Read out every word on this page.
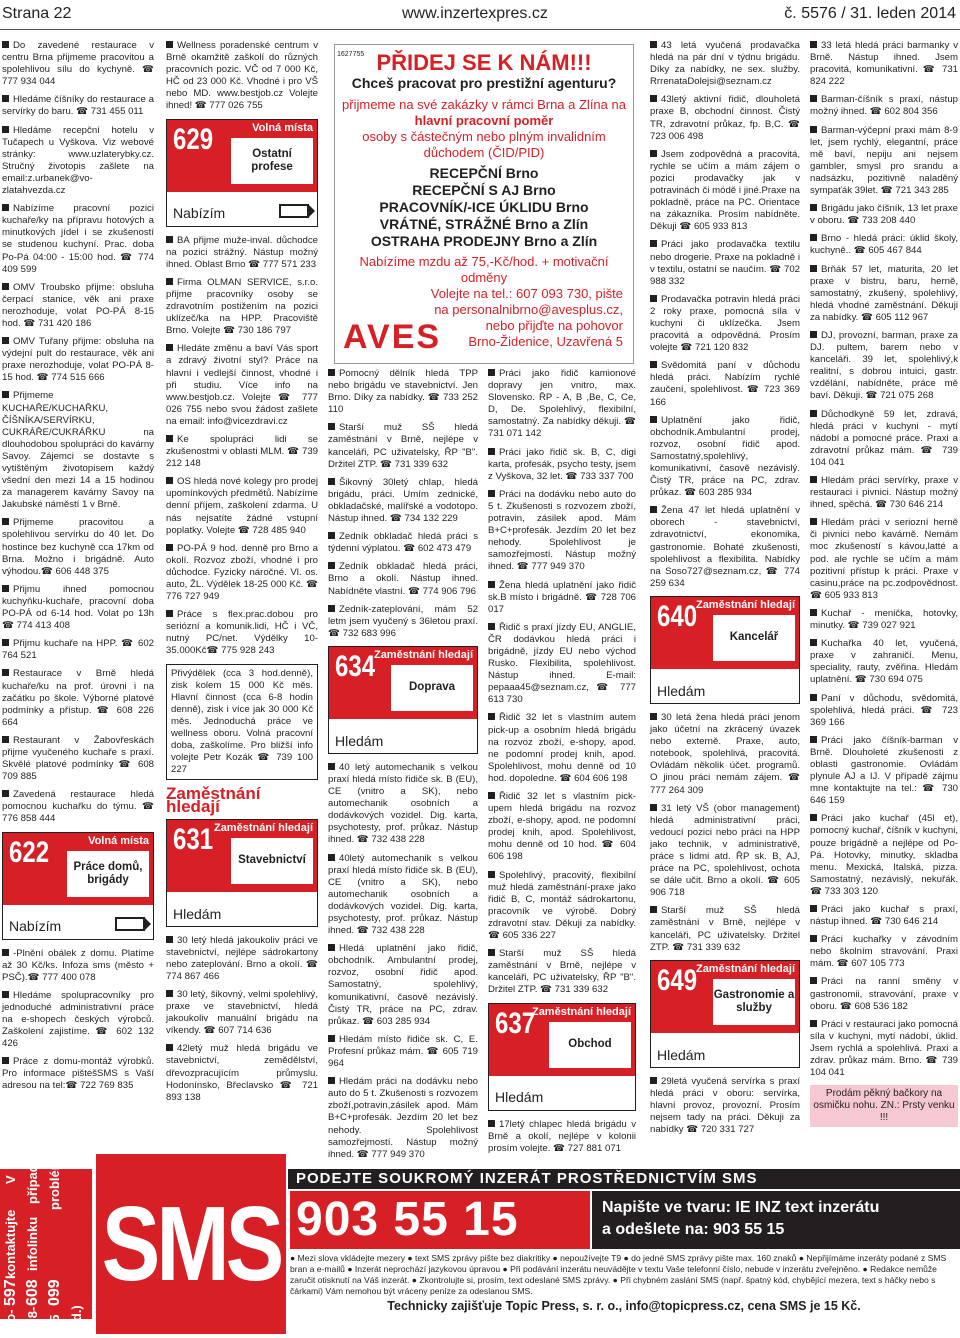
Strana 22	www.inzertexpres.cz	č. 5576 / 31. leden 2014
Do zavedené restaurace v centru Brna přijmeme pracovitou a spolehlivou sílu do kychyně. ☎ 777 934 044
Hledáme číšníky do restaurace a servírky do baru. ☎ 731 455 011
Hledáme recepční hotelu v Tučapech u Vyškova. Viz webové stránky: www.uzlaterybky.cz. Stručný životopis zašlete na email:z.urbanek@vo-zlatahvezda.cz
Nabízíme pracovní pozici kuchaře/ky na přípravu hotových a minutkových jídel i se zkušeností se studenou kuchyní. Prac. doba Po-Pá 04:00 - 15:00 hod. ☎ 774 409 599
OMV Troubsko přijme: obsluha čerpací stanice, věk ani praxe nerozhoduje, volat PO-PÁ 8-15 hod. ☎ 731 420 186
OMV Tuřany přijme: obsluha na výdejní pult do restaurace, věk ani praxe nerozhoduje, volat PO-PÁ 8-15 hod. ☎ 774 515 666
Přijmeme KUCHAŘE/KUCHAŘKU, ČÍŠNÍKA/SERVÍRKU, CUKRÁŘE/CUKRÁŘKU na dlouhodobou spolupráci do kavárny Savoy. Zájemci se dostavte s vytištěným životopisem každý všední den mezi 14 a 15 hodinou za managerem kavárny Savoy na Jakubské náměstí 1 v Brně.
Přijmeme pracovitou a spolehlivou servírku do 40 let. Do hostince bez kuchyně cca 17km od Brna. Možno i brigádně. Auto výhodou.☎ 606 448 375
Přijmu ihned pomocnou kuchyňku-kuchaře, pracovní doba PO-PÁ od 6-14 hod. Volat po 13h ☎ 774 413 408
Přijmu kuchaře na HPP. ☎ 602 764 521
Restaurace v Brně hledá kuchaře/ku na prof. úrovni i na začátku po škole. Výborné platové podmínky a přístup. ☎ 608 226 664
Restaurant v Žabovřeskách přijme vyučeného kuchaře s praxí. Skvělé platové podmínky ☎ 608 709 885
Zavedená restaurace hledá pomocnou kuchařku do týmu. ☎ 776 858 444
622	Volná místa
Práce domů, brigády
Nabízím
-Plnění obálek z domu. Platíme až 30 Kč/ks. Infoza sms (město + PSČ).☎ 777 400 078
Hledáme spolupracovníky pro jednoduché administrativní práce na e-shopech českých výrobců. Zaškolení zajistíme. ☎ 602 132 426
Práce z domu-montáž výrobků. Pro informace pištešSMS s Vaší adresou na tel:☎ 722 769 835
Wellness poradenské centrum v Brně okamžitě zaškolí do různých pracovních pozic. VČ od 7 000 Kč, HČ od 23 000 Kč. Vhodné i pro VŠ nebo MD. www.bestjob.cz Volejte ihned! ☎ 777 026 755
629	Volná místa
Ostatní profese
Nabízím
BA přijme muže-inval. důchodce na pozici strážný. Nástup možný ihned. Oblast Brno ☎ 777 571 233
Firma OLMAN SERVICE, s.r.o. přijme pracovníky osoby se zdravotním postižením na pozici uklízeč/ka na HPP. Pracoviště Brno. Volejte ☎ 730 186 797
Hledáte změnu a baví Vás sport a zdravý životní styl? Práce na hlavní i vedlejší činnost, vhodné i při studiu. Více info na www.bestjob.cz. Volejte ☎ 777 026 755 nebo svou žádost zašlete na email: info@vicezdravi.cz
Ke spolupráci lidi se zkušenostmi v oblasti MLM. ☎ 739 212 148
OS hledá nové kolegy pro prodej upomínkových předmětů. Nabízíme denní příjem, zaškolení zdarma. U nás nejsatíte žádné vstupní poplatky. Volejte ☎ 728 485 940
PO-PÁ 9 hod. denně pro Brno a okolí. Rozvoz zboží, vhodné i pro důchodce. Fyzicky náročné. Vl. os. auto, ŽL. Výdělek 18-25 000 Kč. ☎ 776 727 949
Práce s flex.prac.dobou pro seriózní a komunik.lidi, HČ i VČ, nutný PC/net. Výdělky 10-35.000Kč☎ 775 928 243
Přivýdělek (cca 3 hod.denně), zisk kolem 15 000 Kč měs. Hlavní činnost (cca 6-8 hodin denně), zisk i více jak 30 000 Kč měs. Jednoduchá práce ve wellness oboru. Volná pracovní doba, zaškolíme. Pro bližší info volejte Petr Kozák ☎ 739 100 227
Zaměstnání hledají
631 Zaměstnání hledají
Stavebnictví
Hledám
30 letý hledá jakoukoliv práci ve stavebnictví, nejlépe sádrokartony nebo zateplování. Brno a okolí. ☎ 774 867 466
30 letý, šikovný, velmi spolehlivý, praxe ve stavebnictví, hledá jakoukoliv manuální brigádu na víkendy. ☎ 607 714 636
42letý muž hledá brigádu ve stavebnictví, zemědělství, dřevozpracujícím průmyslu. Hodonínsko, Břeclavsko ☎ 721 893 138
1627755 PŘIDEJ SE K NÁM!!!
Chceš pracovat pro prestižní agenturu?
přijmeme na své zakázky v rámci Brna a Zlína na
hlavní pracovní poměr
osoby s částečným nebo plným invalidním důchodem (ČID/PID)
RECEPČNÍ Brno
RECEPČNÍ S AJ Brno
PRACOVNÍK/-ICE ÚKLIDU Brno
VRÁTNÉ, STRÁŽNÉ Brno a Zlín
OSTRAHA PRODEJNY Brno a Zlín
Nabízíme mzdu až 75,-Kč/hod. + motivační odměny
Volejte na tel.: 607 093 730, pište
na personalnibrno@avesplus.cz,
nebo přijďte na pohovor
Brno-Židenice, Uzavřená 5
AVES
Pomocný dělník hledá TPP nebo brigádu ve stavebnictví. Jen Brno. Díky za nabídky. ☎ 733 252 110
Starší muž SŠ hledá zaměstnání v Brně, nejlépe v kanceláři, PC uživatelsky, ŘP "B". Držitel ZTP. ☎ 731 339 632
Šikovný 30letý chlap, hledá brigádu, práci. Umím zednické, obkladačské, malířské a vodotopo. Nástup ihned. ☎ 734 132 229
Zedník obkladač hledá práci s týdenní výplatou. ☎ 602 473 479
Zedník obkladač hledá práci, Brno a okolí. Nástup ihned. Nabídněte vlastní. ☎ 774 906 796
Zedník-zateplování, mám 52 letm jsem vyučený s 36letou praxí. ☎ 732 683 996
634
Zaměstnání hledají
Doprava
Hledám
40 letý automechanik s velkou praxí hledá místo řidiče sk. B (EU), CE (vnitro a SK), nebo automechanik osobních a dodávkových vozidel. Dig. karta, psychotesty, prof. průkaz. Nástup ihned. ☎ 732 438 228
40letý automechanik s velkou praxí hledá místo řidiče sk. B (EU), CE (vnitro a SK), nebo automechanik osobních a dodávkových vozidel. Dig. karta, psychotesty, prof. průkaz. Nástup ihned. ☎ 732 438 228
Hledá uplatnění jako řidič, obchodník. Ambulantní prodej, rozvoz, osobní řidič apod. Samostatný, spolehlivý, komunikativní, časově nezávislý. Čistý TR, práce na PC, zdrav. průkaz. ☎ 603 285 934
Hledám místo řidiče sk. C, E. Profesní průkaz mám. ☎ 605 719 964
Hledám práci na dodávku nebo auto do 5 t. Zkušenosti s rozvozem zboží,potravin,zásilek apod. Mám B+C+profesák. Jezdím 20 let bez nehody. Spolehlivost samozřejmostí. Nástup možný ihned. ☎ 777 949 370
Práci jako řidič kamionové dopravy jen vnitro, max. Slovensko. ŘP - A, B ,Be, C, Ce, D, De. Spolehlivý, flexibilní, samostatný. Za nabídky děkuji. ☎ 731 071 142
Práci jako řidič sk. B, C, digi karta, profesák, psycho testy, jsem z Vyškova, 32 let. ☎ 733 337 700
Práci na dodávku nebo auto do 5 t. Zkušenosti s rozvozem zboží, potravin, zásilek apod. Mám B+C+profesák. Jezdím 20 let bez nehody. Spolehlivost je samozřejmostí. Nástup možný ihned. ☎ 777 949 370
Žena hledá uplatnění jako řidič sk.B místo i brigádně. ☎ 728 706 017
Řidič s praxí jízdy EU, ANGLIE, ČR dodávkou hledá práci i brigádně, jízdy EU nebo východ Rusko. Flexibilita, spolehlivost. Nástup ihned. E-mail: pepaaa45@seznam.cz, ☎ 777 613 730
Řidič 32 let s vlastním autem pick-up a osobním hledá brigádu na rozvoz zboží, e-shopy, apod. ne podomní prodej knih, apod. Spolehlivost, mohu denně od 10 hod. dopoledne. ☎ 604 606 198
Řidič 32 let s vlastním pick-upem hledá brigádu na rozvoz zboží, e-shopy, apod. ne podomní prodej knih, apod. Spolehlivost, mohu denně od 10 hod. ☎ 604 606 198
Spolehlivý, pracovitý, flexibilní muž hledá zaměstnání-praxe jako řidič B, C, montáž sádrokartonu, pracovník ve výrobě. Dobrý zdravotní stav. Děkuji za nabídky. ☎ 605 336 227
Starší muž SŠ hledá zaměstnání v Brně, nejlépe v kanceláři, PC uživatelsky, ŘP "B". Držitel ZTP. ☎ 731 339 632
637
Zaměstnání hledají
Obchod
Hledám
17letý chlapec hledá brigádu v Brně a okolí, nejlépe v kolonii prosím volejte. ☎ 727 881 071
43 letá vyučená prodavačka hledá na pár dní v týdnu brigádu. Díky za nabídky, ne sex. služby. RrrenataDolejsi@seznam.cz
43letý aktivní řidič, dlouholetá praxe B, obchodní činnost. Čistý TR, zdravotní průkaz, fp. B,C. ☎ 723 006 498
Jsem zodpovědná a pracovitá, rychle se učím a mám zájem o pozici prodavačky jak v potravinách či módě i jiné.Praxe na pokladně, práce na PC. Orientace na zákazníka. Prosím nabídněte. Děkuji ☎ 605 933 813
Práci jako prodavačka textilu nebo drogerie. Praxe na pokladně i v textilu, ostatní se naučím. ☎ 702 988 332
Prodavačka potravin hledá práci 2 roky praxe, pomocná síla v kuchyni či uklízečka. Jsem pracovitá a odpovědná. Prosím volejte ☎ 721 120 832
Svědomitá paní v důchodu hledá práci. Nabízím rychlé zaučení, spolehlivost. ☎ 723 369 166
Uplatnění jako řidič, obchodník.Ambulantní prodej, rozvoz, osobní řidič apod. Samostatný,spolehlivý, komunikativní, časově nezávislý. Čistý TR, práce na PC, zdrav. průkaz. ☎ 603 285 934
Žena 47 let hledá uplatnění v oborech - stavebnictví, zdravotnictví, ekonomika, gastronomie. Bohaté zkušenosti, spolehlivost a flexibilita. Nabídky na Soso727@seznam.cz, ☎ 774 259 634
640
Zaměstnání hledají
Kancelář
Hledám
30 letá žena hledá práci jenom jako účetní na zkrácený úvazek nebo externě. Praxe, auto, notebook, spolehlivá, pracovitá. Ovládám několik účet. programů. O jinou práci nemám zájem. ☎ 777 264 309
31 letý VŠ (obor management) hledá administrativní práci, vedoucí pozici nebo práci na HPP jako technik, v administrativě, práce s lidmi atd. ŘP sk. B, AJ, práce na PC, spolehlivost, ochota se dále učit. Brno a okolí. ☎ 605 906 718
Starší muž SŠ hledá zaměstnání v Brně, nejlépe v kanceláři, PC uživatelsky. Držitel ZTP. ☎ 731 339 632
649
Zaměstnání hledají
Gastronomie a služby
Hledám
29letá vyučená servírka s praxí hledá práci v oboru: servírka, hlavní provoz, provozní. Prosím nejsem tady na práci. Děkuji za nabídky ☎ 720 331 727
33 letá hledá práci barmanky v Brně. Nástup ihned. Jsem pracovitá, komunikativní. ☎ 731 824 222
Barman-číšník s praxí, nástup možný ihned. ☎ 602 804 356
Barman-výčepní praxi mám 8-9 let, jsem rychlý, elegantní, práce mě baví, nepiju ani nejsem gambler, smysl pro srandu a nadsázku, pozitivně naladěný sympaťák 39let. ☎ 721 343 285
Brigádu jako číšník, 13 let praxe v oboru. ☎ 733 208 440
Brno - hledá práci: úklid školy, kuchyně.. ☎ 605 467 844
Brňák 57 let, maturita, 20 let praxe v bistru, baru, herně, samostatný, zkušený, spolehlivý, hledá vhodné zaměstnání. Děkuji za nabídky. ☎ 605 112 967
DJ, provozní, barman, praxe za DJ. pultem, barem nebo v kanceláři. 39 let, spolehlivý,k realitní, s dobrou intuici, gastr. vzdělání, nabídněte, práce mě baví. Děkuji. ☎ 721 075 268
Důchodkyně 59 let, zdravá, hledá práci v kuchyni - mytí nádobí a pomocné práce. Praxi a zdravotní průkaz mám. ☎ 739 104 041
Hledám práci servírky, praxe v restauraci i pivnici. Nástup možný ihned, spěchá. ☎ 730 646 214
Hledám práci v seriozní herně či pivnici nebo kavárně. Nemám moc zkušeností s kávou,latté a pod. ale rychle se učím a mám pozitivní přístup k práci. Praxe v casinu,práce na pc.zodpovědnost. ☎ 605 933 813
Kuchař - menička, hotovky, minutky. ☎ 739 027 921
Kuchařka 40 let, vyučená, praxe v zahraničí. Menu, speciality, rauty, zvěřina. Hledám uplatnění. ☎ 730 694 075
Paní v důchodu, svědomitá, spolehlivá, hledá práci. ☎ 723 369 166
Práci jako číšník-barman v Brně. Dlouholeté zkušenosti z oblasti gastronomie. Ovládám plynule AJ a IJ. V případě zájmu mne kontaktujte na tel.: ☎ 730 646 159
Práci jako kuchař (45l et), pomocný kuchař, číšník v kuchyni, pouze brigádně a nejlépe od Po-Pá. Hotovky, minutky, skladba menu. Mexická, Italská, pizza. Samostatný, nezávislý, nekuřák. ☎ 733 303 120
Práci jako kuchař s praxí, nástup ihned. ☎ 730 646 214
Práci kuchařky v závodním nebo školním stravování. Praxi mám. ☎ 607 105 773
Práci na ranní směny v gastronomii, stravování, praxe v oboru. ☎ 608 536 182
Práci v restauraci jako pomocná síla v kuchyni, mytí nádobí, úklid. Jsem rychlá a spolehlivá. Praxi a zdrav. průkaz mám. Brno. ☎ 739 104 041
Prodám pěkný bačkory na osmičku nohu. ZN.: Prsty venku !!!
V případě problémů
kontaktujte infolinku
597 608 099
(po-pá 8-15 hod.)
SMS
PODEJTE SOUKROMÝ INZERÁT PROSTŘEDNICTVÍM SMS
903 55 15	Napište ve tvaru: IE INZ text inzerátu
a odešlete na: 903 55 15
● Mezi slova vkládejte mezery ● text SMS zprávy pište bez diakritiky ● nepoužívejte T9 ● do jedné SMS zprávy pište max. 160 znaků ● Nepřijímáme inzeráty podané z SMS bran a e-mailů ● Inzerát neprochází jazykovou úpravou ● Při podávání inzerátu neuvádějte v textu Vaše telefonní číslo, nebude v inzerátu zveřejněno. ● Redakce nemůže zaručit otisknutí na Váš inzerát. ● Zkontrolujte si, prosím, text odeslané SMS zprávy. ● Při chybném zaslání SMS (např. špatný kód, chybějící mezera, text s háčky nebo s čárkami) Vám nemohou být vráceny peníze za odeslanou SMS.
Technicky zajišťuje Topic Press, s. r. o., info@topicpress.cz, cena SMS je 15 Kč.
